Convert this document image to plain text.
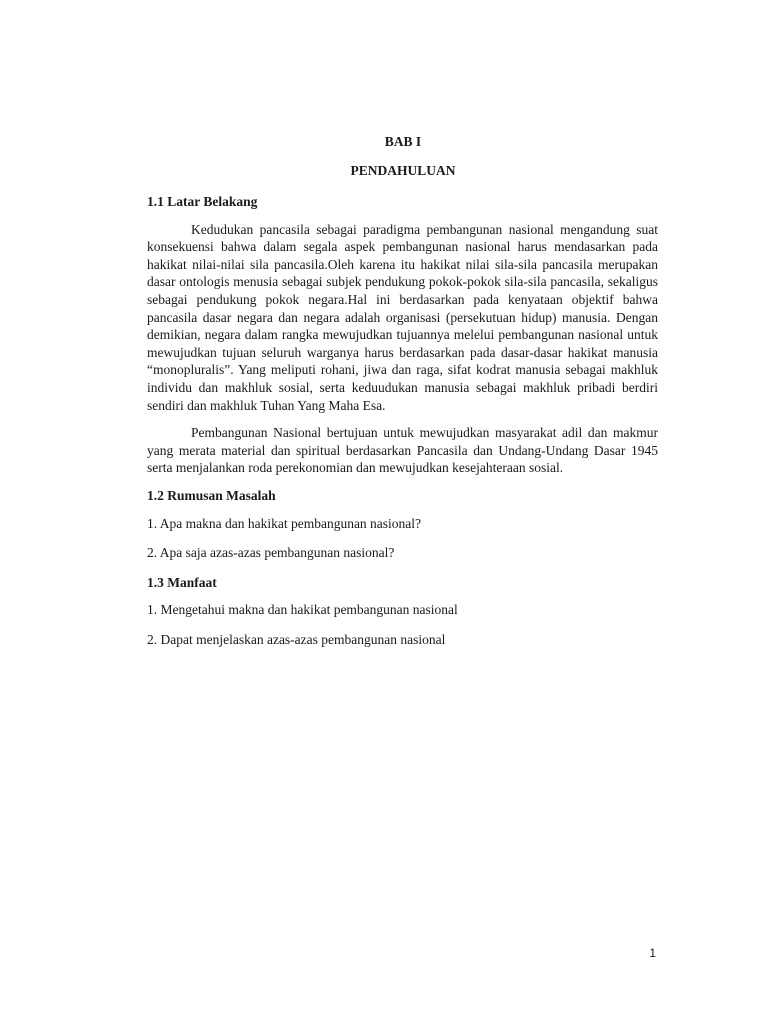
BAB I
PENDAHULUAN
1.1 Latar Belakang

Kedudukan pancasila sebagai paradigma pembangunan nasional mengandung suat konsekuensi bahwa dalam segala aspek pembangunan nasional harus mendasarkan pada hakikat nilai-nilai sila pancasila.Oleh karena itu hakikat nilai sila-sila pancasila merupakan dasar ontologis menusia sebagai subjek pendukung pokok-pokok sila-sila pancasila, sekaligus sebagai pendukung pokok negara.Hal ini berdasarkan pada kenyataan objektif bahwa pancasila dasar negara dan negara adalah organisasi (persekutuan hidup) manusia. Dengan demikian, negara dalam rangka mewujudkan tujuannya melelui pembangunan nasional untuk mewujudkan tujuan seluruh warganya harus berdasarkan pada dasar-dasar hakikat manusia “monopluralis”. Yang meliputi rohani, jiwa dan raga, sifat kodrat manusia sebagai makhluk individu dan makhluk sosial, serta keduudukan manusia sebagai makhluk pribadi berdiri sendiri dan makhluk Tuhan Yang Maha Esa.

Pembangunan Nasional bertujuan untuk mewujudkan masyarakat adil dan makmur yang merata material dan spiritual berdasarkan Pancasila dan Undang-Undang Dasar 1945 serta menjalankan roda perekonomian dan mewujudkan kesejahteraan sosial.

1.2 Rumusan Masalah

1. Apa makna dan hakikat pembangunan nasional?

2. Apa saja azas-azas pembangunan nasional?

1.3 Manfaat

1. Mengetahui makna dan hakikat pembangunan nasional

2. Dapat menjelaskan azas-azas pembangunan nasional

1
